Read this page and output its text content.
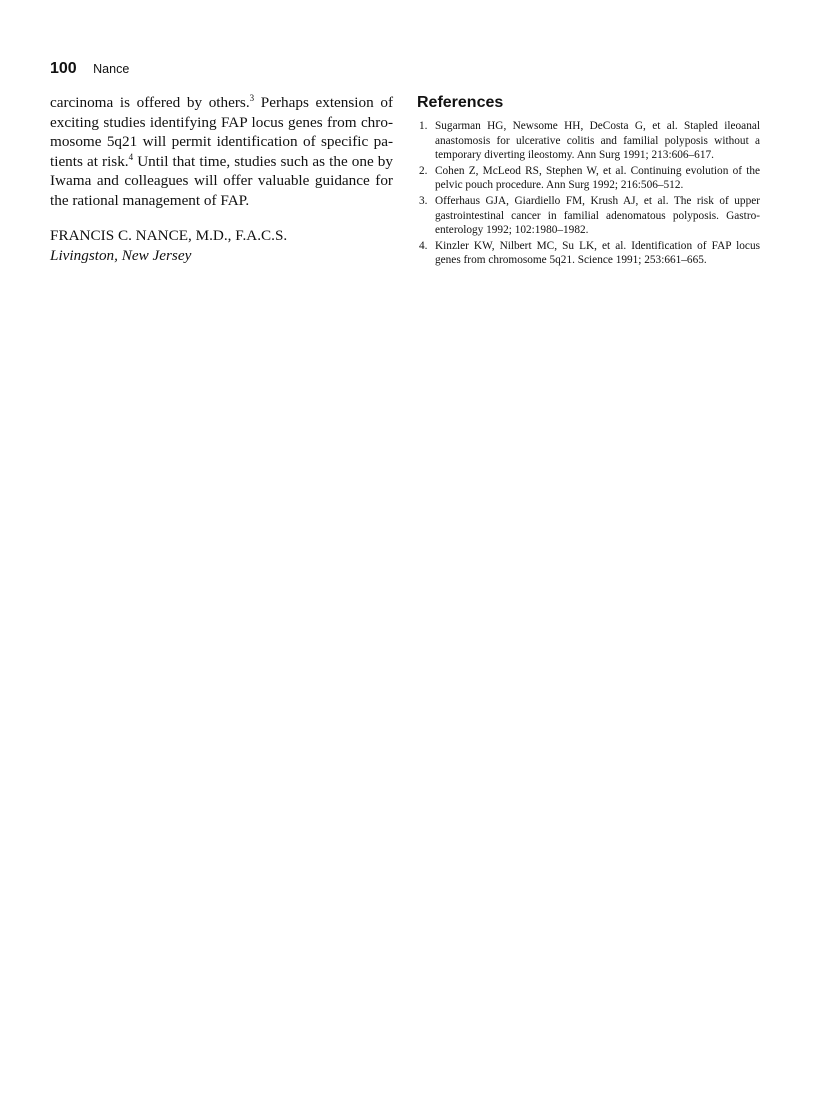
100 Nance

carcinoma is offered by others.$^3$ Perhaps extension of exciting studies identifying FAP locus genes from chromosome 5q21 will permit identification of specific patients at risk.$^4$ Until that time, studies such as the one by Iwama and colleagues will offer valuable guidance for the rational management of FAP.

FRANCIS C. NANCE, M.D., F.A.C.S.
Livingston, New Jersey
References
1. Sugarman HG, Newsome HH, DeCosta G, et al. Stapled ileoanal anastomosis for ulcerative colitis and familial polyposis without a temporary diverting ileostomy. Ann Surg 1991; 213:606–617.
2. Cohen Z, McLeod RS, Stephen W, et al. Continuing evolution of the pelvic pouch procedure. Ann Surg 1992; 216:506–512.
3. Offerhaus GJA, Giardiello FM, Krush AJ, et al. The risk of upper gastrointestinal cancer in familial adenomatous polyposis. Gastroenterology 1992; 102:1980–1982.
4. Kinzler KW, Nilbert MC, Su LK, et al. Identification of FAP locus genes from chromosome 5q21. Science 1991; 253:661–665.
